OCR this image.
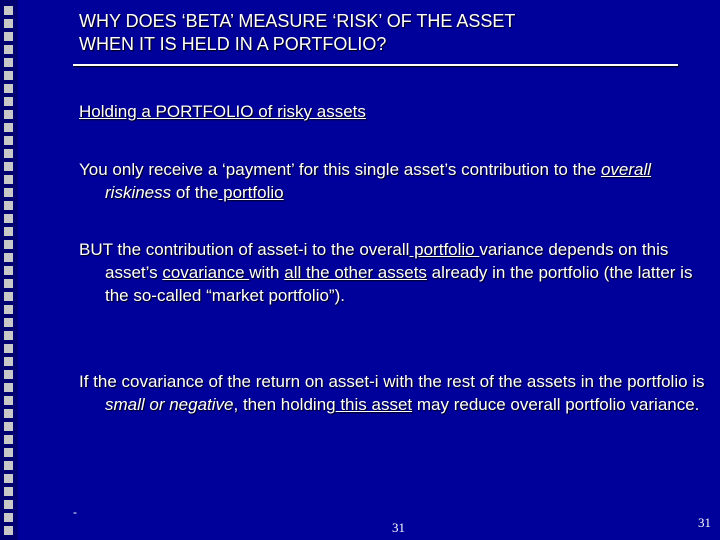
WHY DOES ‘BETA’ MEASURE ‘RISK’ OF THE ASSET
WHEN IT IS HELD IN A PORTFOLIO?
Holding a PORTFOLIO of risky assets
You only receive a ‘payment’ for this single asset’s contribution to the overall riskiness of the portfolio
BUT the contribution of asset-i to the overall portfolio variance depends on this asset’s covariance with all the other assets already in the portfolio (the latter is the so-called “market portfolio”).
If the covariance of the return on asset-i with the rest of the assets in the portfolio is small or negative, then holding this asset may reduce overall portfolio variance.
-
31	31
